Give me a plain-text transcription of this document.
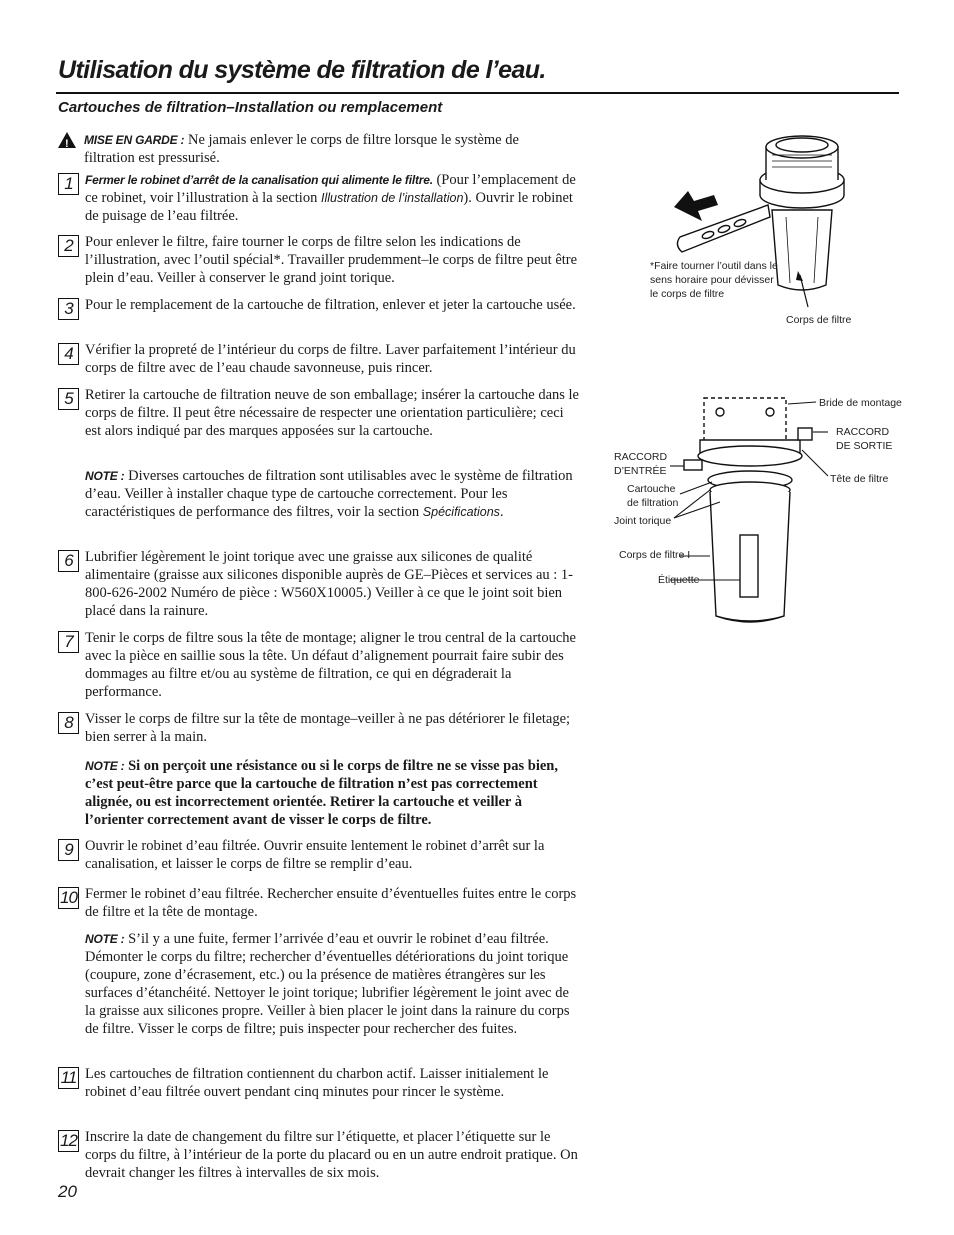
Utilisation du système de filtration de l’eau.
Cartouches de filtration–Installation ou remplacement
!	MISE EN GARDE : Ne jamais enlever le corps de filtre lorsque le système de filtration est pressurisé.
1	Fermer le robinet d’arrêt de la canalisation qui alimente le filtre. (Pour l’emplacement de ce robinet, voir l’illustration à la section Illustration de l’installation). Ouvrir le robinet de puisage de l’eau filtrée.
2 Pour enlever le filtre, faire tourner le corps de filtre selon les indications de l’illustration, avec l’outil spécial*. Travailler prudemment–le corps de filtre peut être plein d’eau. Veiller à conserver le grand joint torique.
3 Pour le remplacement de la cartouche de filtration, enlever et jeter la cartouche usée.
4 Vérifier la propreté de l’intérieur du corps de filtre. Laver parfaitement l’intérieur du corps de filtre avec de l’eau chaude savonneuse, puis rincer.
5 Retirer la cartouche de filtration neuve de son emballage; insérer la cartouche dans le corps de filtre. Il peut être nécessaire de respecter une orientation particulière; ceci est alors indiqué par des marques apposées sur la cartouche.
NOTE : Diverses cartouches de filtration sont utilisables avec le système de filtration d’eau. Veiller à installer chaque type de cartouche correctement. Pour les caractéristiques de performance des filtres, voir la section Spécifications.
6 Lubrifier légèrement le joint torique avec une graisse aux silicones de qualité alimentaire (graisse aux silicones disponible auprès de GE–Pièces et services au : 1-800-626-2002 Numéro de pièce : W560X10005.) Veiller à ce que le joint soit bien placé dans la rainure.
7 Tenir le corps de filtre sous la tête de montage; aligner le trou central de la cartouche avec la pièce en saillie sous la tête. Un défaut d’alignement pourrait faire subir des dommages au filtre et/ou au système de filtration, ce qui en dégraderait la performance.
8 Visser le corps de filtre sur la tête de montage–veiller à ne pas détériorer le filetage; bien serrer à la main.
NOTE : Si on perçoit une résistance ou si le corps de filtre ne se visse pas bien, c’est peut-être parce que la cartouche de filtration n’est pas correctement alignée, ou est incorrectement orientée. Retirer la cartouche et veiller à l’orienter correctement avant de visser le corps de filtre.
9 Ouvrir le robinet d’eau filtrée. Ouvrir ensuite lentement le robinet d’arrêt sur la canalisation, et laisser le corps de filtre se remplir d’eau.
10 Fermer le robinet d’eau filtrée. Rechercher ensuite d’éventuelles fuites entre le corps de filtre et la tête de montage.
NOTE : S’il y a une fuite, fermer l’arrivée d’eau et ouvrir le robinet d’eau filtrée. Démonter le corps du filtre; rechercher d’éventuelles détériorations du joint torique (coupure, zone d’écrasement, etc.) ou la présence de matières étrangères sur les surfaces d’étanchéité. Nettoyer le joint torique; lubrifier légèrement le joint avec de la graisse aux silicones propre. Veiller à bien placer le joint dans la rainure du corps de filtre. Visser le corps de filtre; puis inspecter pour rechercher des fuites.
11 Les cartouches de filtration contiennent du charbon actif. Laisser initialement le robinet d’eau filtrée ouvert pendant cinq minutes pour rincer le système.
12 Inscrire la date de changement du filtre sur l’étiquette, et placer l’étiquette sur le corps du filtre, à l’intérieur de la porte du placard ou en un autre endroit pratique. On devrait changer les filtres à intervalles de six mois.
20
*Faire tourner l’outil dans le sens horaire pour dévisser le corps de filtre
Corps de filtre
Bride de montage
RACCORD
DE SORTIE
Tête de filtre
RACCORD
D’ENTRÉE
Cartouche
de filtration
Joint torique
Corps de filtre I
Étiquette
